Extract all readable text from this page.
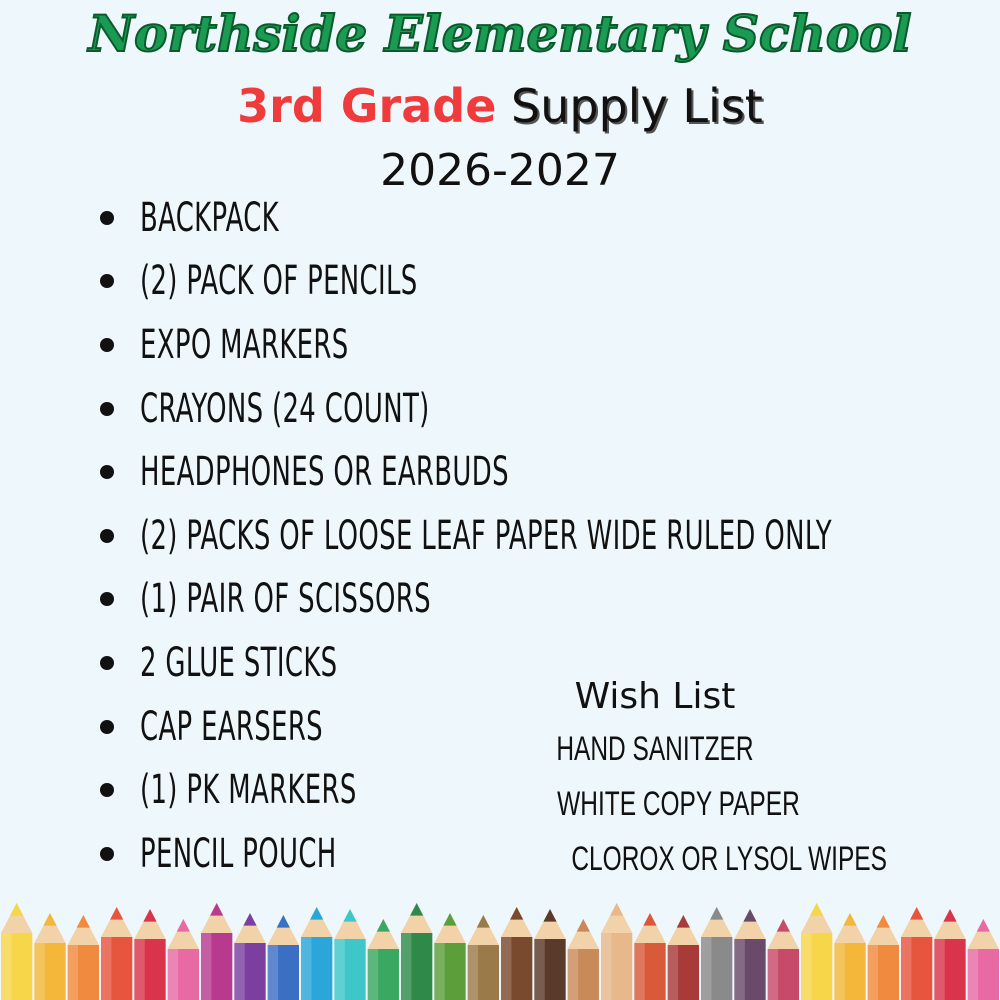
Northside Elementary School
3rd Grade Supply List
2026-2027
BACKPACK
(2) PACK OF PENCILS
EXPO MARKERS
CRAYONS (24 COUNT)
HEADPHONES OR EARBUDS
(2) PACKS OF LOOSE LEAF PAPER WIDE RULED ONLY
(1) PAIR OF SCISSORS
2 GLUE STICKS
CAP EARSERS
(1) PK MARKERS
PENCIL POUCH
Wish List
HAND SANITZER
WHITE COPY PAPER
CLOROX OR LYSOL WIPES
